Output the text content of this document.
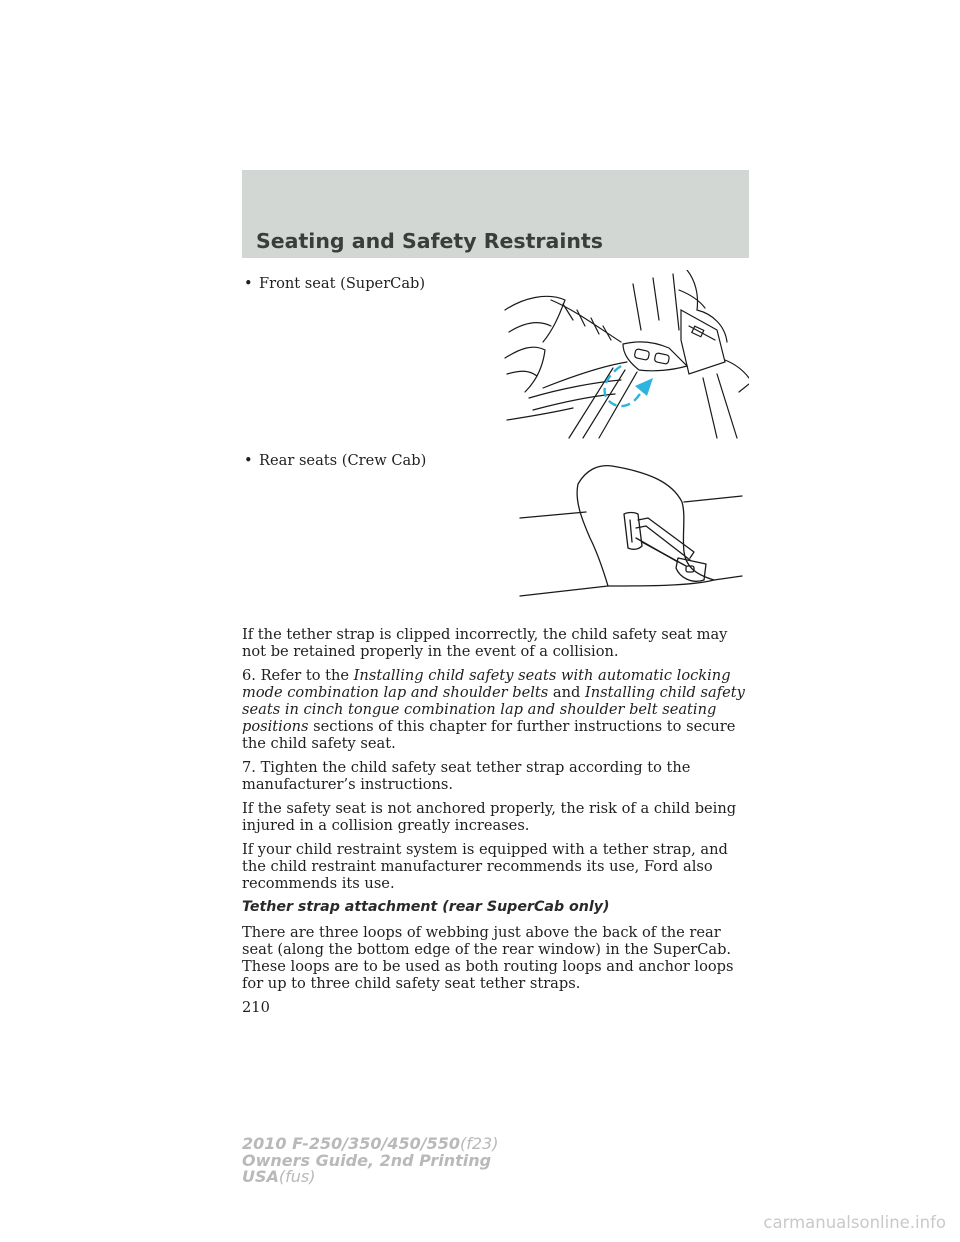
Seating and Safety Restraints
• Front seat (SuperCab)
• Rear seats (Crew Cab)

If the tether strap is clipped incorrectly, the child safety seat may not be retained properly in the event of a collision.

6. Refer to the Installing child safety seats with automatic locking mode combination lap and shoulder belts and Installing child safety seats in cinch tongue combination lap and shoulder belt seating positions sections of this chapter for further instructions to secure the child safety seat.

7. Tighten the child safety seat tether strap according to the manufacturer’s instructions.

If the safety seat is not anchored properly, the risk of a child being injured in a collision greatly increases.

If your child restraint system is equipped with a tether strap, and the child restraint manufacturer recommends its use, Ford also recommends its use.

Tether strap attachment (rear SuperCab only)

There are three loops of webbing just above the back of the rear seat (along the bottom edge of the rear window) in the SuperCab. These loops are to be used as both routing loops and anchor loops for up to three child safety seat tether straps.

210

2010 F-250/350/450/550(f23)
Owners Guide, 2nd Printing
USA(fus)
carmanualsonline.info
